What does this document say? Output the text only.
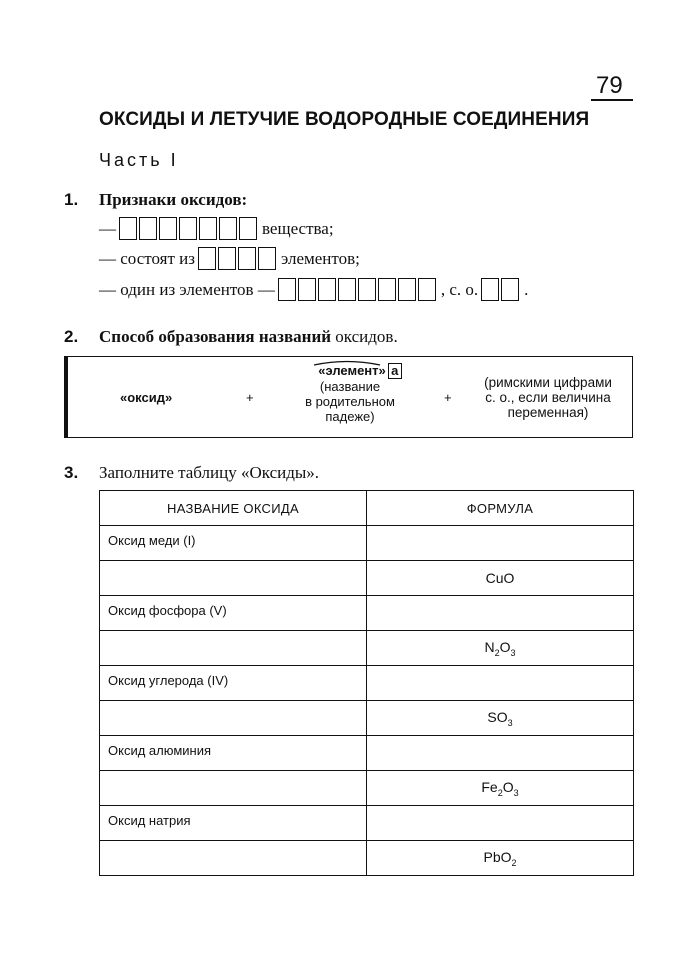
79
ОКСИДЫ И ЛЕТУЧИЕ ВОДОРОДНЫЕ СОЕДИНЕНИЯ
Часть I
1. Признаки оксидов:
—	вещества;
— состоят из	элементов;
— один из элементов —	, с. о.	.
2. Способ образования названий оксидов.
«оксид»	+
«элемент» а
(название
в родительном
падеже)
+
(римскими цифрами
с. о., если величина
переменная)
3. Заполните таблицу «Оксиды».
НАЗВАНИЕ ОКСИДА	ФОРМУЛА
Оксид меди (I)	
	CuO
Оксид фосфора (V)	
	$N_2O_3$
Оксид углерода (IV)	
	$SO_3$
Оксид алюминия	
	$Fe_2O_3$
Оксид натрия	
	PbO$_2$
